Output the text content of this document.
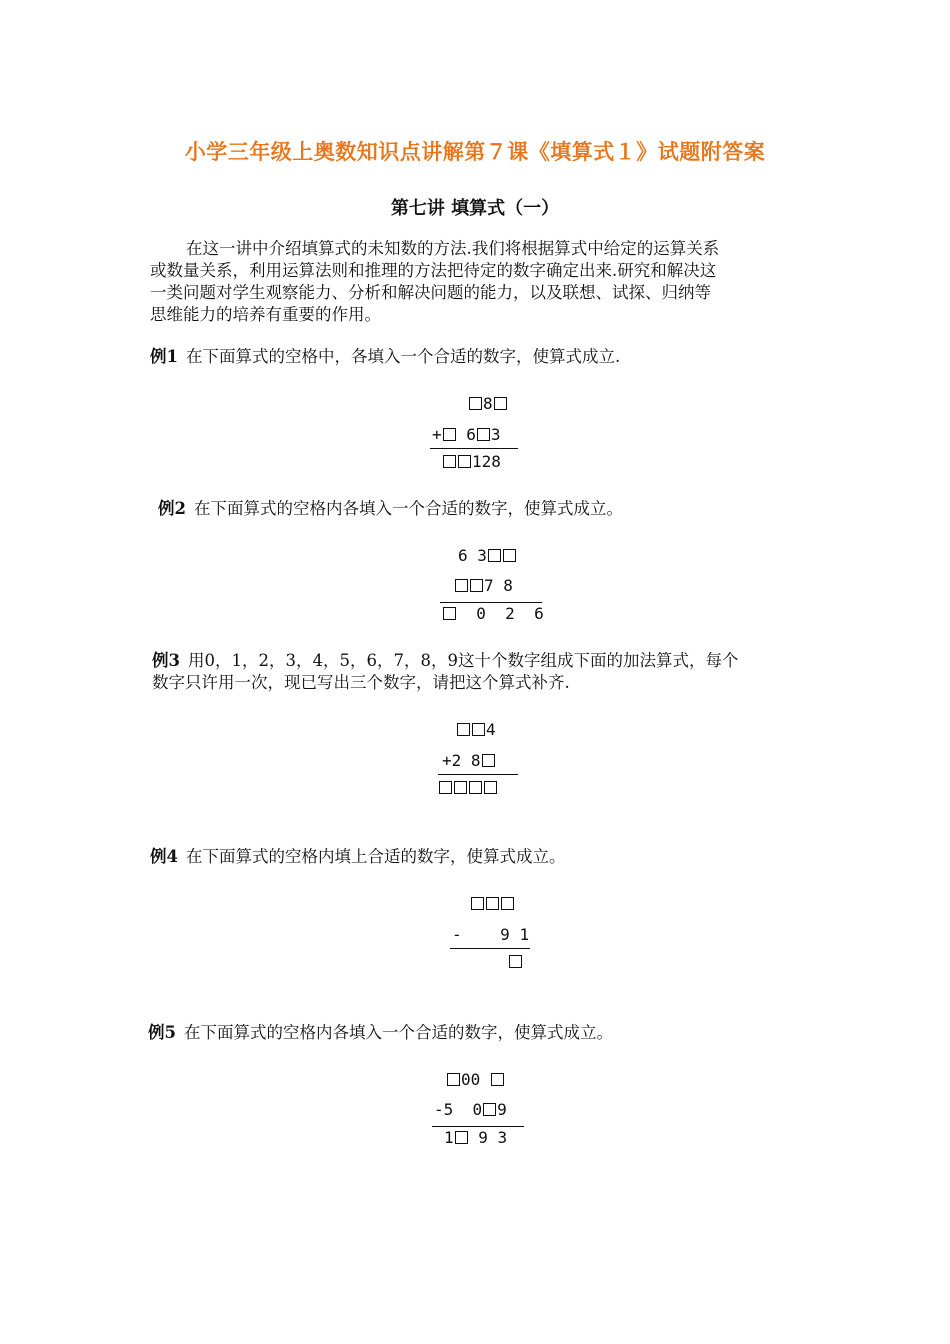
小学三年级上奥数知识点讲解第７课《填算式１》试题附答案
第七讲 填算式（一）
在这一讲中介绍填算式的未知数的方法.我们将根据算式中给定的运算关系
或数量关系，利用运算法则和推理的方法把待定的数字确定出来.研究和解决这
一类问题对学生观察能力、分析和解决问题的能力，以及联想、试探、归纳等
思维能力的培养有重要的作用。
例1 在下面算式的空格中，各填入一个合适的数字，使算式成立.
8
+ 6 3
128
例2 在下面算式的空格内各填入一个合适的数字，使算式成立。
6 3
7 8
0  2  6
例3 用0，1，2，3，4，5，6，7，8，9这十个数字组成下面的加法算式，每个
数字只许用一次，现已写出三个数字，请把这个算式补齐.
4
+2 8
例4 在下面算式的空格内填上合适的数字，使算式成立。
- 9 1
例5 在下面算式的空格内各填入一个合适的数字，使算式成立。
00
-5  0 9
1 9 3
